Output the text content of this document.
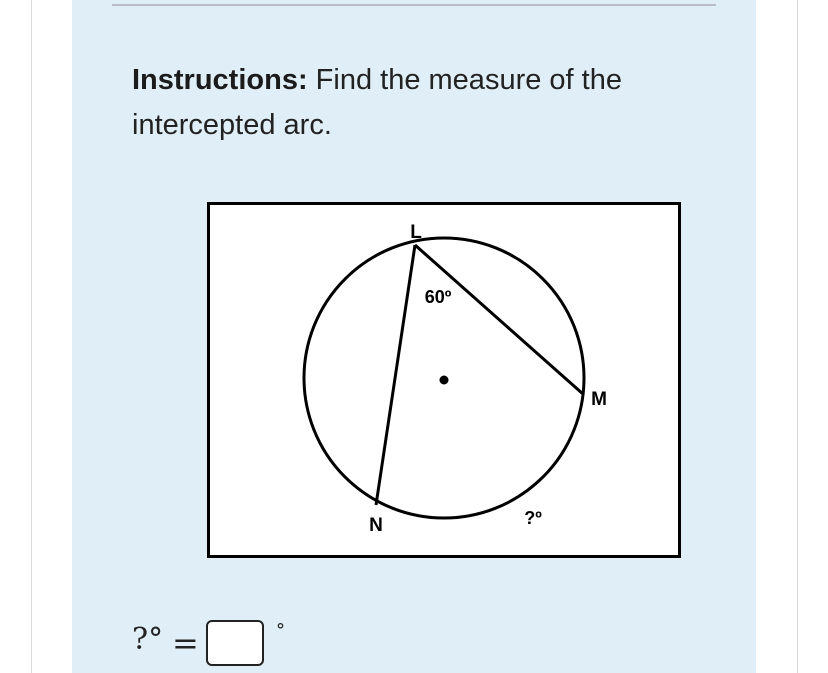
Instructions: Find the measure of the intercepted arc.
L
M
N
60º
?º
?° =	°
